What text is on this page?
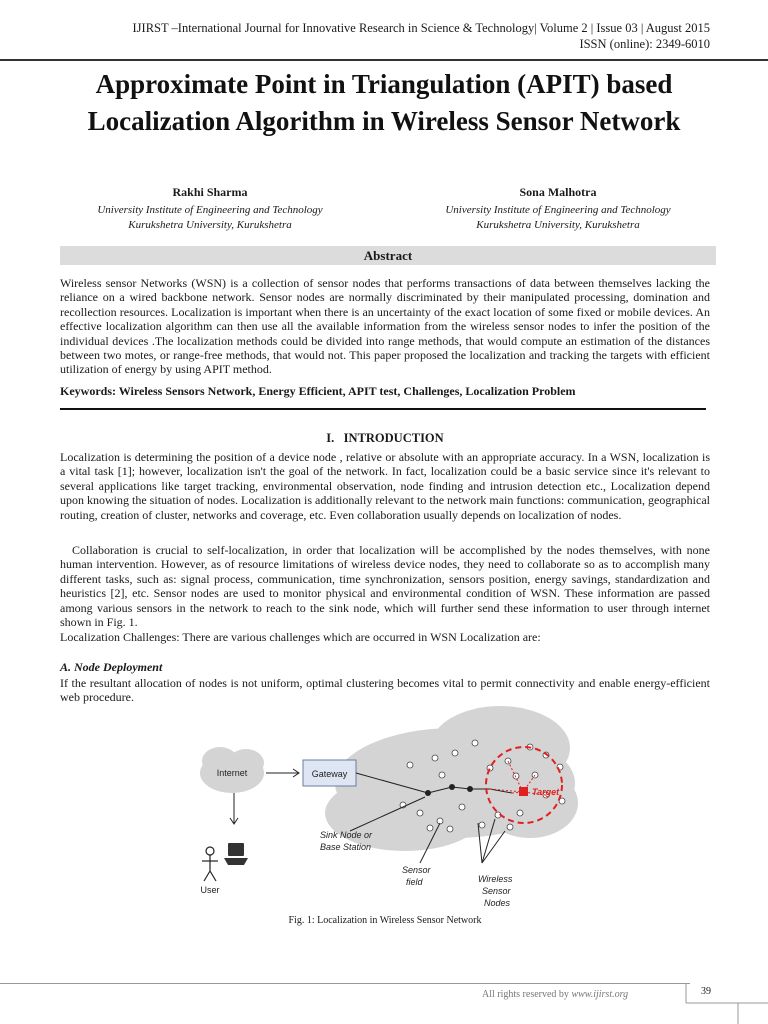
IJIRST –International Journal for Innovative Research in Science & Technology| Volume 2 | Issue 03 | August 2015
ISSN (online): 2349-6010
Approximate Point in Triangulation (APIT) based Localization Algorithm in Wireless Sensor Network
Rakhi Sharma
University Institute of Engineering and Technology
Kurukshetra University, Kurukshetra
Sona Malhotra
University Institute of Engineering and Technology
Kurukshetra University, Kurukshetra
Abstract
Wireless sensor Networks (WSN) is a collection of sensor nodes that performs transactions of data between themselves lacking the reliance on a wired backbone network. Sensor nodes are normally discriminated by their manipulated processing, domination and recollection resources. Localization is important when there is an uncertainty of the exact location of some fixed or mobile devices. An effective localization algorithm can then use all the available information from the wireless sensor nodes to infer the position of the individual devices .The localization methods could be divided into range methods, that would compute an estimation of the distances between two motes, or range-free methods, that would not. This paper proposed the localization and tracking the targets with efficient utilization of energy by using APIT method.
Keywords: Wireless Sensors Network, Energy Efficient, APIT test, Challenges, Localization Problem
I. INTRODUCTION
Localization is determining the position of a device node , relative or absolute with an appropriate accuracy. In a WSN, localization is a vital task [1]; however, localization isn't the goal of the network. In fact, localization could be a basic service since it's relevant to several applications like target tracking, environmental observation, node finding and intrusion detection etc., Localization depend upon knowing the situation of nodes. Localization is additionally relevant to the network main functions: communication, geographical routing, creation of cluster, networks and coverage, etc. Even collaboration usually depends on localization of nodes.
Collaboration is crucial to self-localization, in order that localization will be accomplished by the nodes themselves, with none human intervention. However, as of resource limitations of wireless device nodes, they need to collaborate so as to accomplish many different tasks, such as: signal process, communication, time synchronization, sensors position, energy savings, standardization and heuristics [2], etc. Sensor nodes are used to monitor physical and environmental condition of WSN. These information are passed among various sensors in the network to reach to the sink node, which will further send these information to user through internet shown in Fig. 1.
Localization Challenges: There are various challenges which are occurred in WSN Localization are:
A. Node Deployment
If the resultant allocation of nodes is not uniform, optimal clustering becomes vital to permit connectivity and enable energy-efficient web procedure.
Internet	Gateway
Target
Sink Node or
Base Station
Sensor
field	Wireless
Sensor
Nodes
User
Fig. 1: Localization in Wireless Sensor Network
All rights reserved by www.ijirst.org	39
